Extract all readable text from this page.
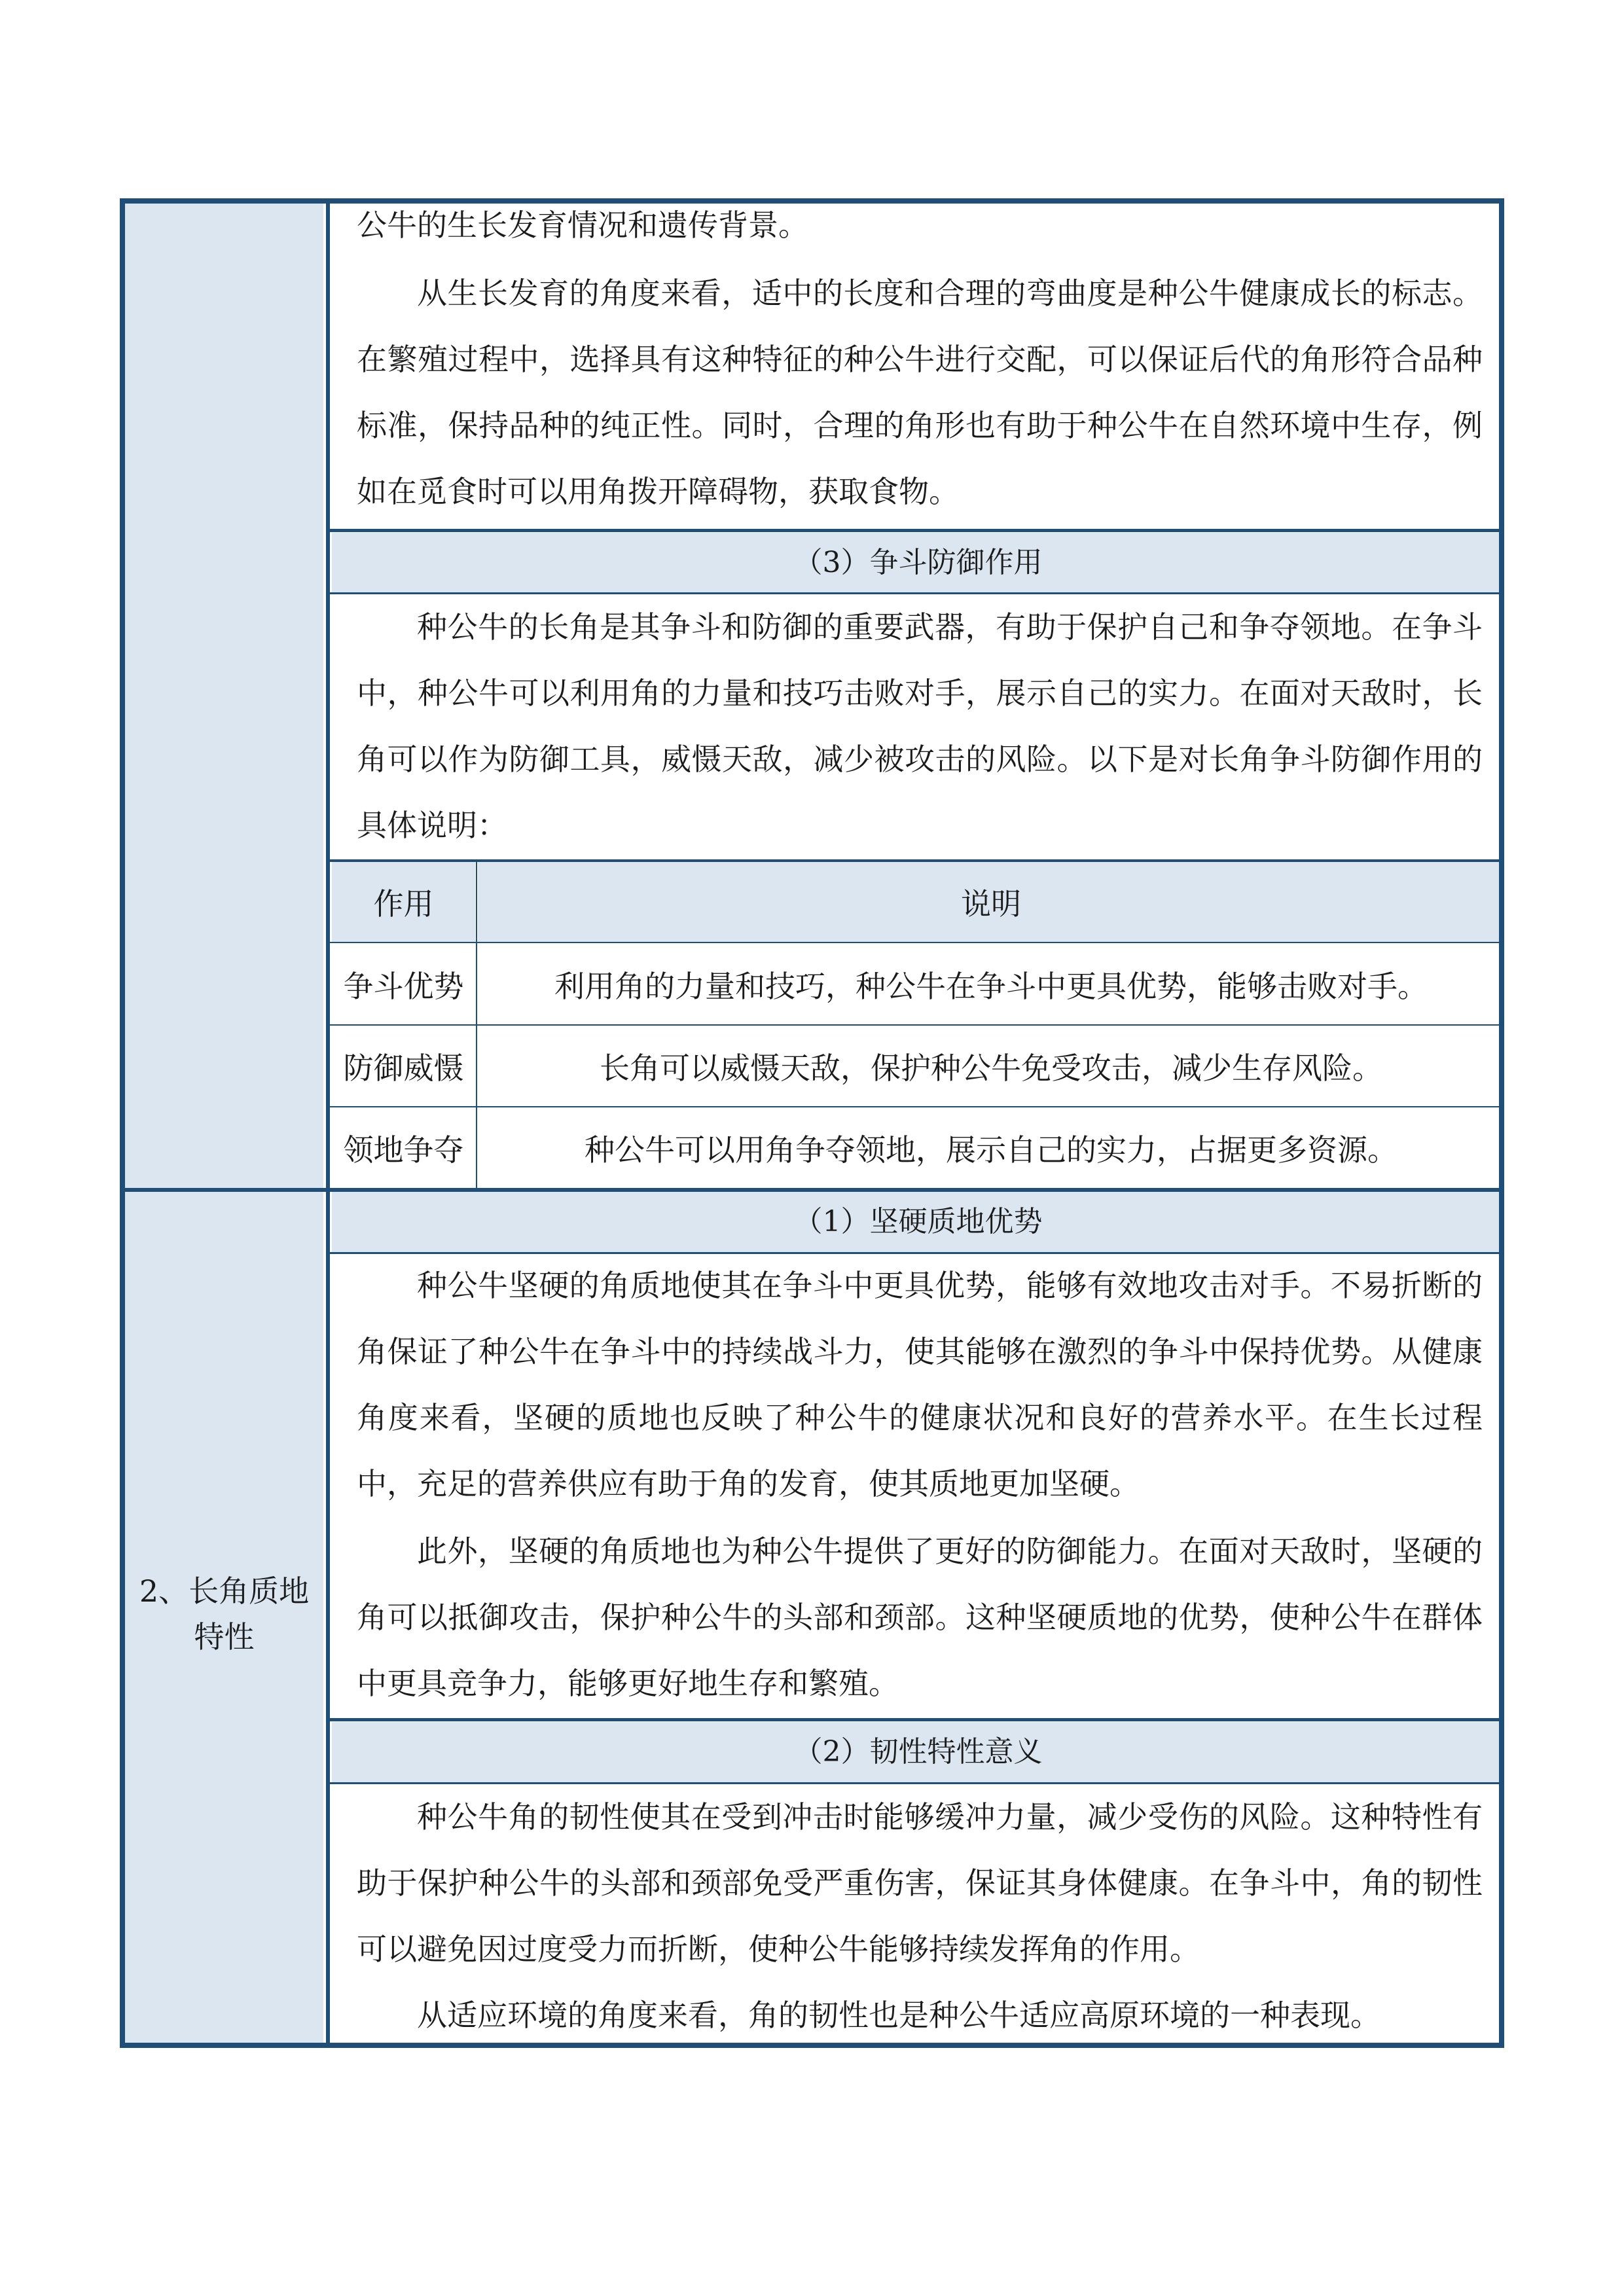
（3）争斗防御作用
（1）坚硬质地优势
（2）韧性特性意义
作用	说明
争斗优势	利用角的力量和技巧，种公牛在争斗中更具优势，能够击败对手。
防御威慑	长角可以威慑天敌，保护种公牛免受攻击，减少生存风险。
领地争夺	种公牛可以用角争夺领地，展示自己的实力，占据更多资源。
公牛的生长发育情况和遗传背景。
从生长发育的角度来看，适中的长度和合理的弯曲度是种公牛健康成长的标志。在繁殖过程中，选择具有这种特征的种公牛进行交配，可以保证后代的角形符合品种标准，保持品种的纯正性。同时，合理的角形也有助于种公牛在自然环境中生存，例如在觅食时可以用角拨开障碍物，获取食物。
种公牛的长角是其争斗和防御的重要武器，有助于保护自己和争夺领地。在争斗中，种公牛可以利用角的力量和技巧击败对手，展示自己的实力。在面对天敌时，长角可以作为防御工具，威慑天敌，减少被攻击的风险。以下是对长角争斗防御作用的具体说明：
种公牛坚硬的角质地使其在争斗中更具优势，能够有效地攻击对手。不易折断的角保证了种公牛在争斗中的持续战斗力，使其能够在激烈的争斗中保持优势。从健康角度来看，坚硬的质地也反映了种公牛的健康状况和良好的营养水平。在生长过程中，充足的营养供应有助于角的发育，使其质地更加坚硬。
此外，坚硬的角质地也为种公牛提供了更好的防御能力。在面对天敌时，坚硬的角可以抵御攻击，保护种公牛的头部和颈部。这种坚硬质地的优势，使种公牛在群体中更具竞争力，能够更好地生存和繁殖。
种公牛角的韧性使其在受到冲击时能够缓冲力量，减少受伤的风险。这种特性有助于保护种公牛的头部和颈部免受严重伤害，保证其身体健康。在争斗中，角的韧性可以避免因过度受力而折断，使种公牛能够持续发挥角的作用。
从适应环境的角度来看，角的韧性也是种公牛适应高原环境的一种表现。
2、长角质地特性
